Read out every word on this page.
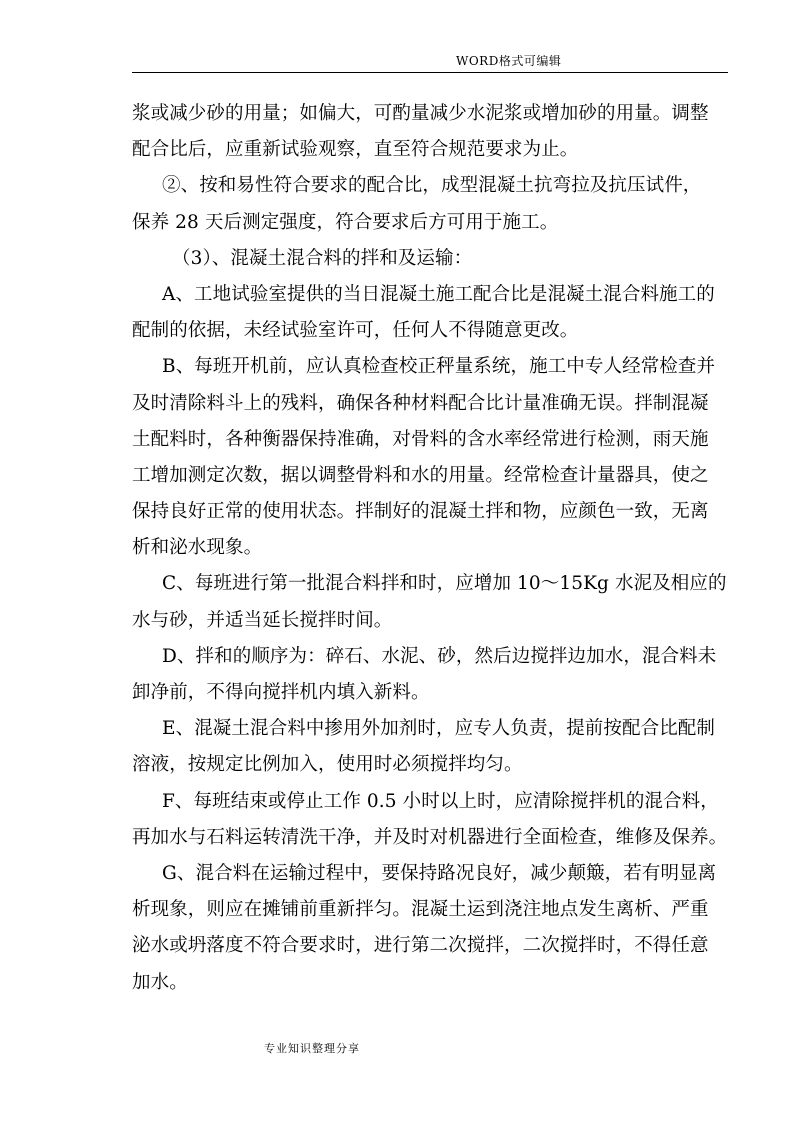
WORD格式可编辑
浆或减少砂的用量；如偏大，可酌量减少水泥浆或增加砂的用量。调整
配合比后，应重新试验观察，直至符合规范要求为止。
②、按和易性符合要求的配合比，成型混凝土抗弯拉及抗压试件，
保养 28 天后测定强度，符合要求后方可用于施工。
（3）、混凝土混合料的拌和及运输：
A、工地试验室提供的当日混凝土施工配合比是混凝土混合料施工的
配制的依据，未经试验室许可，任何人不得随意更改。
B、每班开机前，应认真检查校正秤量系统，施工中专人经常检查并
及时清除料斗上的残料，确保各种材料配合比计量准确无误。拌制混凝
土配料时，各种衡器保持准确，对骨料的含水率经常进行检测，雨天施
工增加测定次数，据以调整骨料和水的用量。经常检查计量器具，使之
保持良好正常的使用状态。拌制好的混凝土拌和物，应颜色一致，无离
析和泌水现象。
C、每班进行第一批混合料拌和时，应增加 10～15Kg 水泥及相应的
水与砂，并适当延长搅拌时间。
D、拌和的顺序为：碎石、水泥、砂，然后边搅拌边加水，混合料未
卸净前，不得向搅拌机内填入新料。
E、混凝土混合料中掺用外加剂时，应专人负责，提前按配合比配制
溶液，按规定比例加入，使用时必须搅拌均匀。
F、每班结束或停止工作 0.5 小时以上时，应清除搅拌机的混合料，
再加水与石料运转清洗干净，并及时对机器进行全面检查，维修及保养。
G、混合料在运输过程中，要保持路况良好，减少颠簸，若有明显离
析现象，则应在摊铺前重新拌匀。混凝土运到浇注地点发生离析、严重
泌水或坍落度不符合要求时，进行第二次搅拌，二次搅拌时，不得任意
加水。
专业知识整理分享
